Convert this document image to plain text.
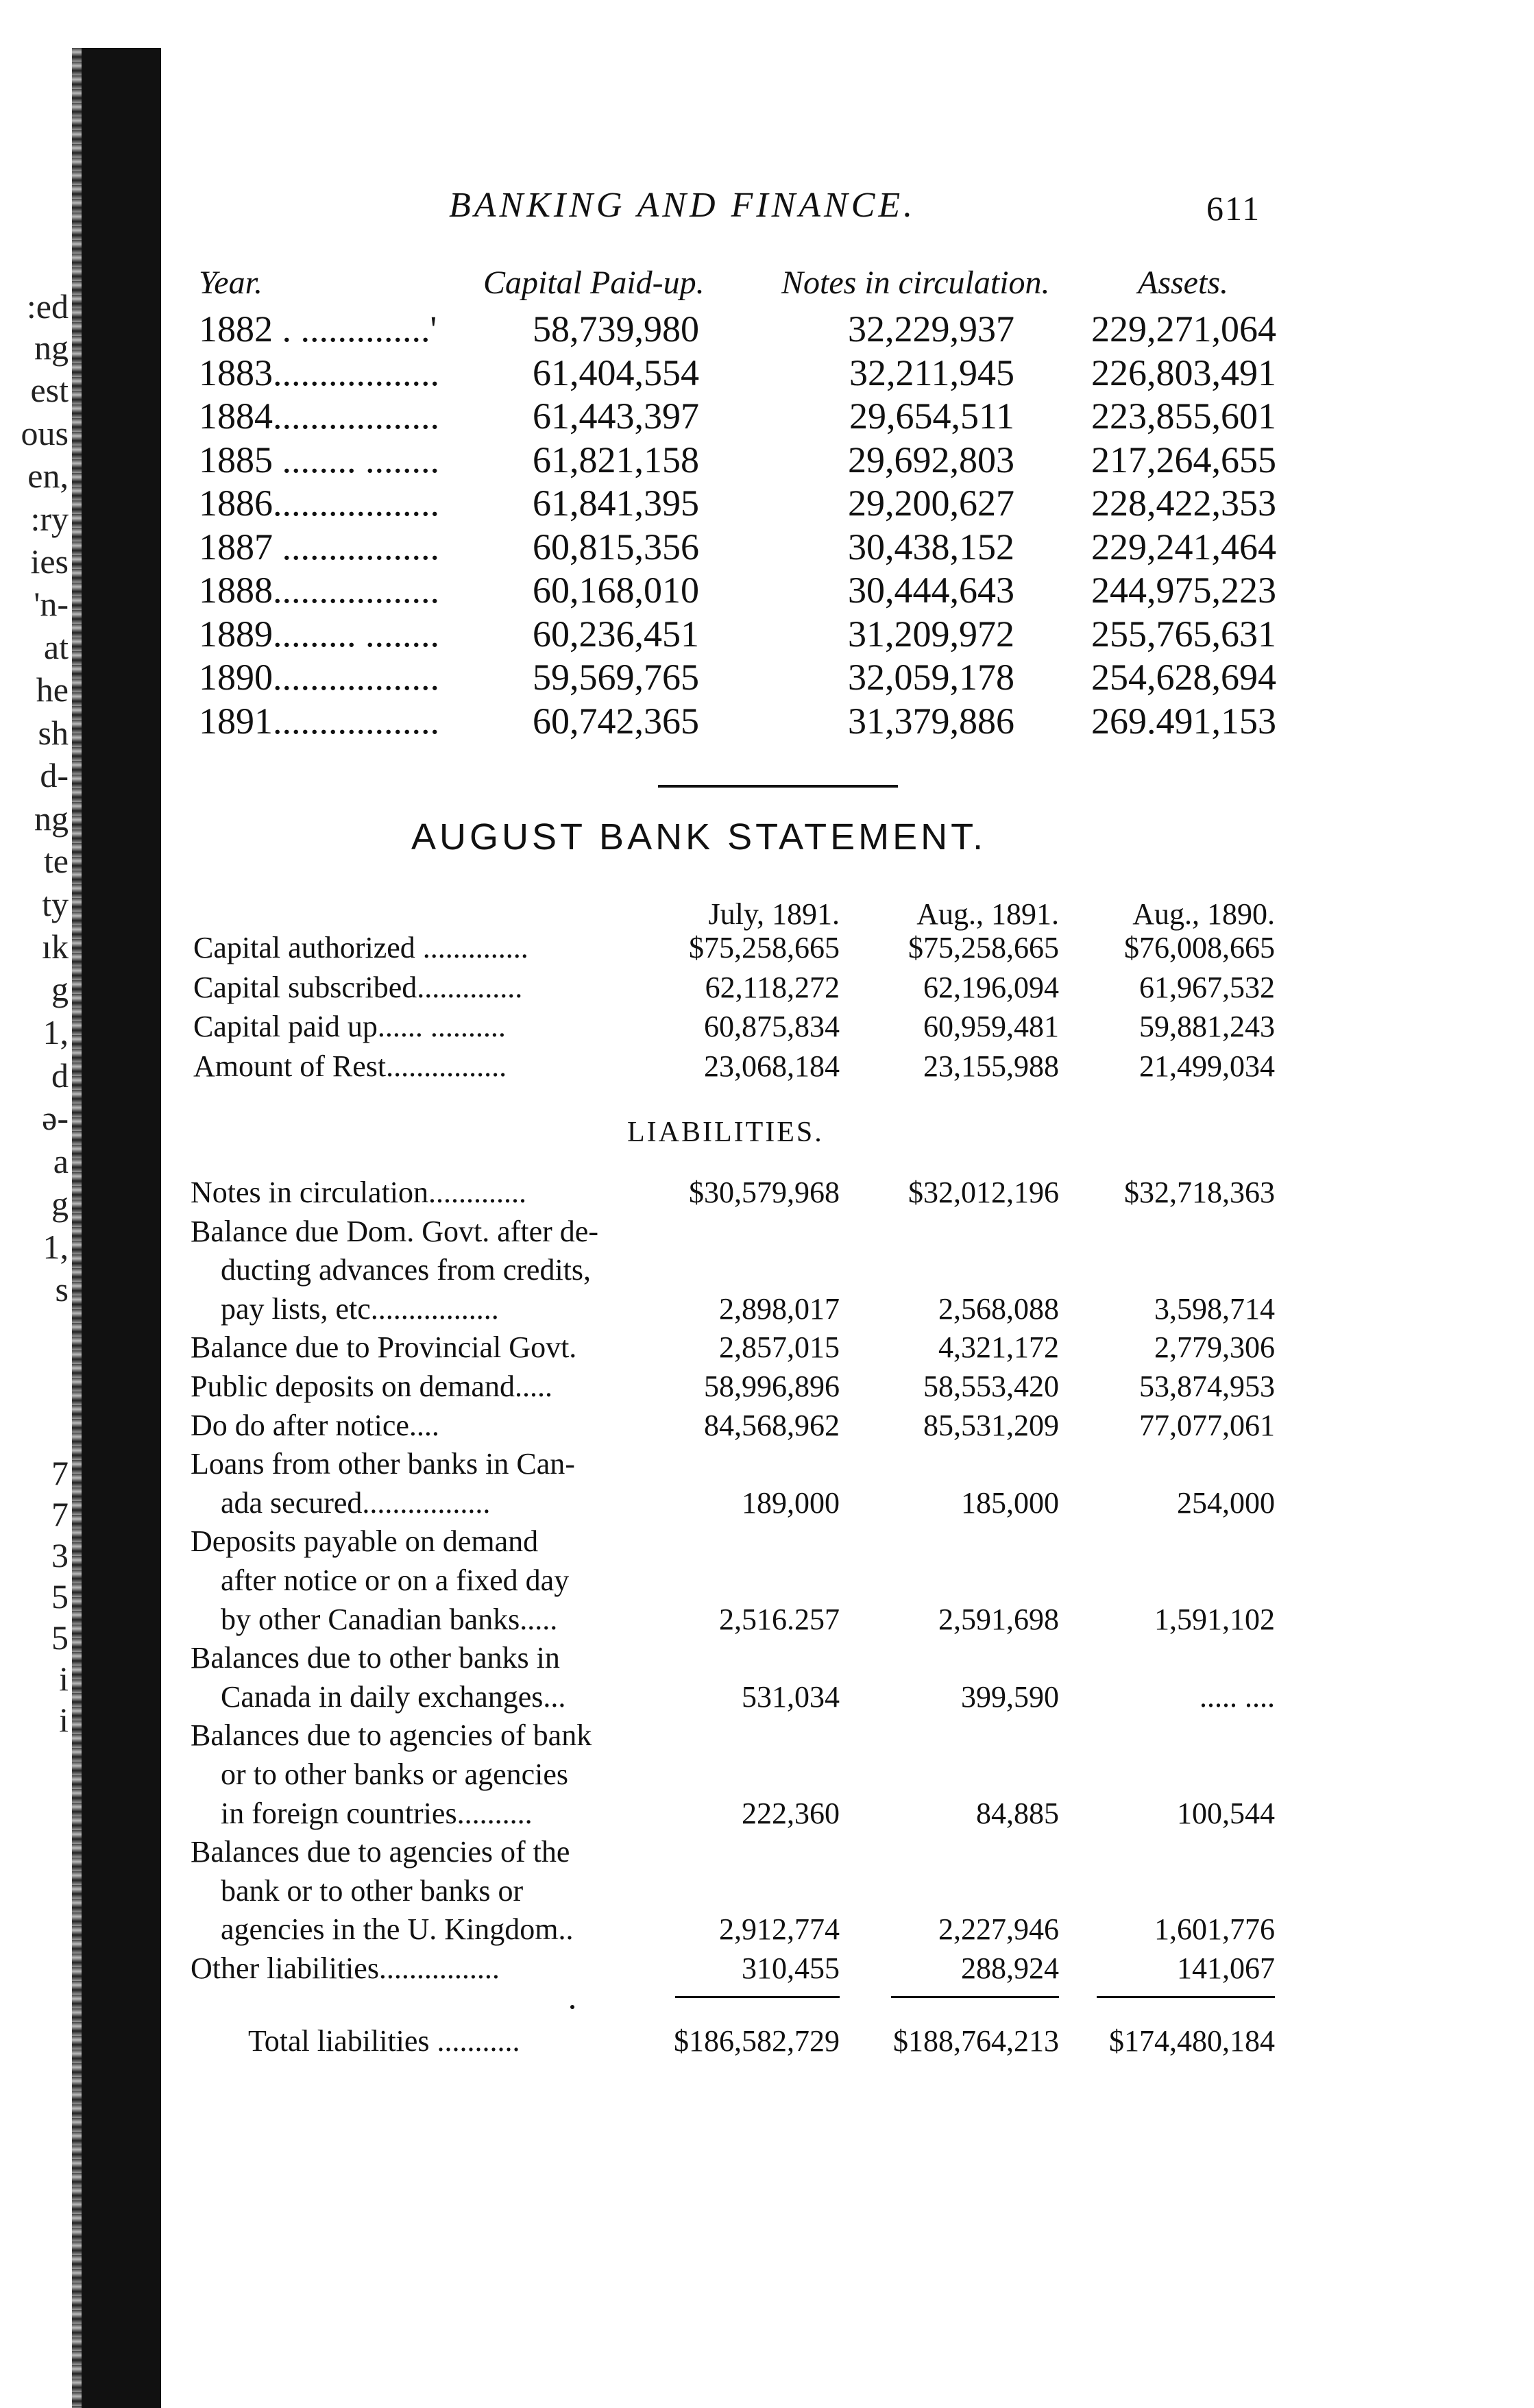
:ed
ng
est
ous
en,
:ry
ies
'n-
at
he
sh
d-
ng
te
ty
ık
g
1,
d
ə-
a
g
1,
s
7
7
3
5
5
i
i
BANKING AND FINANCE.	611
Year.	Capital Paid-up. Notes in circulation.	Assets.
1882 . ..............'	58,739,980	32,229,937	229,271,064
1883..................	61,404,554	32,211,945	226,803,491
1884..................	61,443,397	29,654,511	223,855,601
1885 ........ ........	61,821,158	29,692,803	217,264,655
1886..................	61,841,395	29,200,627	228,422,353
1887 .................	60,815,356	30,438,152	229,241,464
1888..................	60,168,010	30,444,643	244,975,223
1889......... ........	60,236,451	31,209,972	255,765,631
1890..................	59,569,765	32,059,178	254,628,694
1891..................	60,742,365	31,379,886	269.491,153
AUGUST BANK STATEMENT.
July, 1891.	Aug., 1891.	Aug., 1890.
Capital authorized ..............	$75,258,665	$75,258,665	$76,008,665
Capital subscribed..............	62,118,272	62,196,094	61,967,532
Capital paid up...... ..........	60,875,834	60,959,481	59,881,243
Amount of Rest................	23,068,184	23,155,988	21,499,034
LIABILITIES.
Notes in circulation.............	$30,579,968	$32,012,196	$32,718,363
Balance due Dom. Govt. after de-
ducting advances from credits,
pay lists, etc.................	2,898,017	2,568,088	3,598,714
Balance due to Provincial Govt.	2,857,015	4,321,172	2,779,306
Public deposits on demand.....	58,996,896	58,553,420	53,874,953
Do do after notice....	84,568,962	85,531,209	77,077,061
Loans from other banks in Can-
ada secured.................	189,000	185,000	254,000
Deposits payable on demand
after notice or on a fixed day
by other Canadian banks.....	2,516.257	2,591,698	1,591,102
Balances due to other banks in
Canada in daily exchanges...	531,034	399,590	..... ....
Balances due to agencies of bank
or to other banks or agencies
in foreign countries..........	222,360	84,885	100,544
Balances due to agencies of the
bank or to other banks or
agencies in the U. Kingdom..	2,912,774	2,227,946	1,601,776
Other liabilities................	310,455	288,924	141,067
Total liabilities ...........	$186,582,729	$188,764,213	$174,480,184
